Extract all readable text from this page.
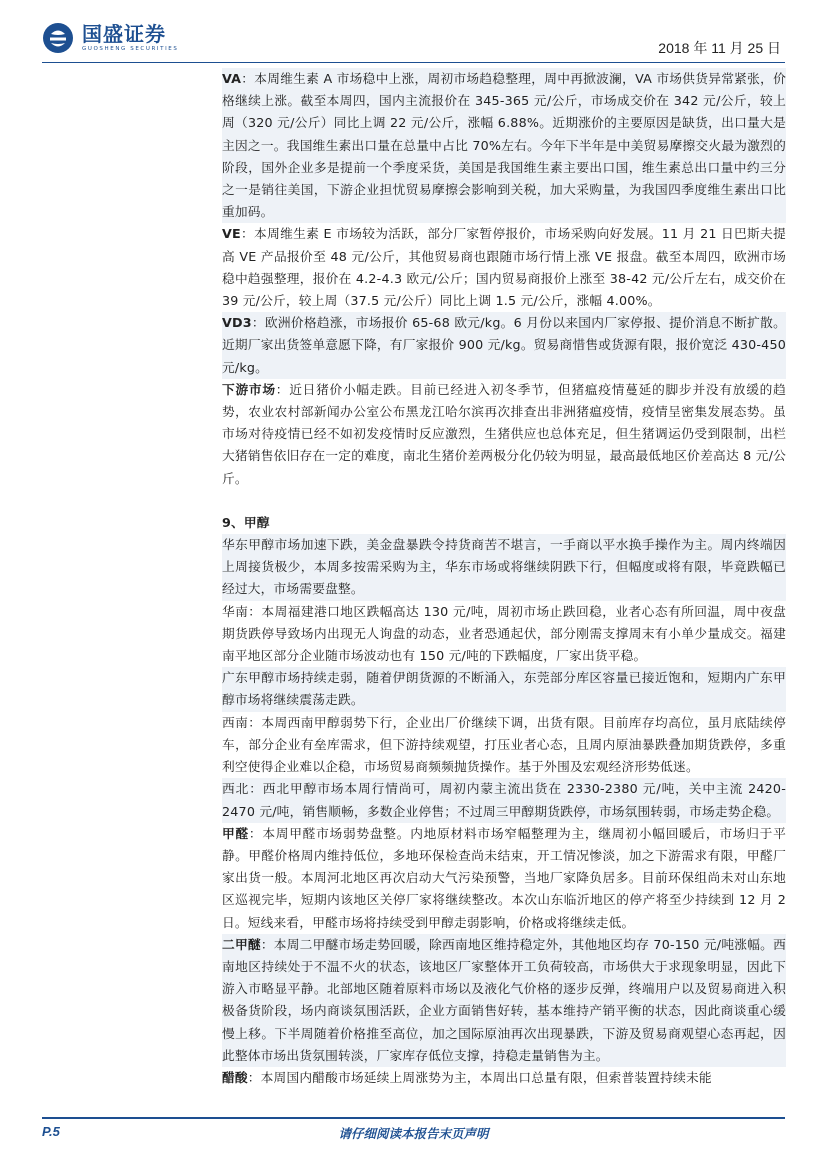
国盛证券
GUOSHENG SECURITIES	2018 年 11 月 25 日

VA：本周维生素 A 市场稳中上涨，周初市场趋稳整理，周中再掀波澜，VA 市场供货异常紧张，价格继续上涨。截至本周四，国内主流报价在 345-365 元/公斤，市场成交价在 342 元/公斤，较上周（320 元/公斤）同比上调 22 元/公斤，涨幅 6.88%。近期涨价的主要原因是缺货，出口量大是主因之一。我国维生素出口量在总量中占比 70%左右。今年下半年是中美贸易摩擦交火最为激烈的阶段，国外企业多是提前一个季度采货，美国是我国维生素主要出口国，维生素总出口量中约三分之一是销往美国，下游企业担忧贸易摩擦会影响到关税，加大采购量，为我国四季度维生素出口比重加码。

VE：本周维生素 E 市场较为活跃，部分厂家暂停报价，市场采购向好发展。11 月 21 日巴斯夫提高 VE 产品报价至 48 元/公斤，其他贸易商也跟随市场行情上涨 VE 报盘。截至本周四，欧洲市场稳中趋强整理，报价在 4.2-4.3 欧元/公斤；国内贸易商报价上涨至 38-42 元/公斤左右，成交价在 39 元/公斤，较上周（37.5 元/公斤）同比上调 1.5 元/公斤，涨幅 4.00%。

VD3：欧洲价格趋涨，市场报价 65-68 欧元/kg。6 月份以来国内厂家停报、提价消息不断扩散。近期厂家出货签单意愿下降，有厂家报价 900 元/kg。贸易商惜售或货源有限，报价宽泛 430-450 元/kg。

下游市场：近日猪价小幅走跌。目前已经进入初冬季节，但猪瘟疫情蔓延的脚步并没有放缓的趋势，农业农村部新闻办公室公布黑龙江哈尔滨再次排查出非洲猪瘟疫情，疫情呈密集发展态势。虽市场对待疫情已经不如初发疫情时反应激烈，生猪供应也总体充足，但生猪调运仍受到限制，出栏大猪销售依旧存在一定的难度，南北生猪价差两极分化仍较为明显，最高最低地区价差高达 8 元/公斤。

9、甲醇

华东甲醇市场加速下跌，美金盘暴跌令持货商苦不堪言，一手商以平水换手操作为主。周内终端因上周接货极少，本周多按需采购为主，华东市场或将继续阴跌下行，但幅度或将有限，毕竟跌幅已经过大，市场需要盘整。

华南：本周福建港口地区跌幅高达 130 元/吨，周初市场止跌回稳，业者心态有所回温，周中夜盘期货跌停导致场内出现无人询盘的动态，业者恐通起伏，部分刚需支撑周末有小单少量成交。福建南平地区部分企业随市场波动也有 150 元/吨的下跌幅度，厂家出货平稳。

广东甲醇市场持续走弱，随着伊朗货源的不断涌入，东莞部分库区容量已接近饱和，短期内广东甲醇市场将继续震荡走跌。

西南：本周西南甲醇弱势下行，企业出厂价继续下调，出货有限。目前库存均高位，虽月底陆续停车，部分企业有垒库需求，但下游持续观望，打压业者心态，且周内原油暴跌叠加期货跌停，多重利空使得企业难以企稳，市场贸易商频频抛货操作。基于外围及宏观经济形势低迷。

西北：西北甲醇市场本周行情尚可，周初内蒙主流出货在 2330-2380 元/吨，关中主流 2420-2470 元/吨，销售顺畅，多数企业停售；不过周三甲醇期货跌停，市场氛围转弱，市场走势企稳。

甲醛：本周甲醛市场弱势盘整。内地原材料市场窄幅整理为主，继周初小幅回暖后，市场归于平静。甲醛价格周内维持低位，多地环保检查尚未结束，开工情况惨淡，加之下游需求有限，甲醛厂家出货一般。本周河北地区再次启动大气污染预警，当地厂家降负居多。目前环保组尚未对山东地区巡视完毕，短期内该地区关停厂家将继续整改。本次山东临沂地区的停产将至少持续到 12 月 2 日。短线来看，甲醛市场将持续受到甲醇走弱影响，价格或将继续走低。

二甲醚：本周二甲醚市场走势回暖，除西南地区维持稳定外，其他地区均存 70-150 元/吨涨幅。西南地区持续处于不温不火的状态，该地区厂家整体开工负荷较高，市场供大于求现象明显，因此下游入市略显平静。北部地区随着原料市场以及液化气价格的逐步反弹，终端用户以及贸易商进入积极备货阶段，场内商谈氛围活跃，企业方面销售好转，基本维持产销平衡的状态，因此商谈重心缓慢上移。下半周随着价格推至高位，加之国际原油再次出现暴跌，下游及贸易商观望心态再起，因此整体市场出货氛围转淡，厂家库存低位支撑，持稳走量销售为主。

醋酸：本周国内醋酸市场延续上周涨势为主，本周出口总量有限，但索普装置持续未能

P.5	请仔细阅读本报告末页声明
